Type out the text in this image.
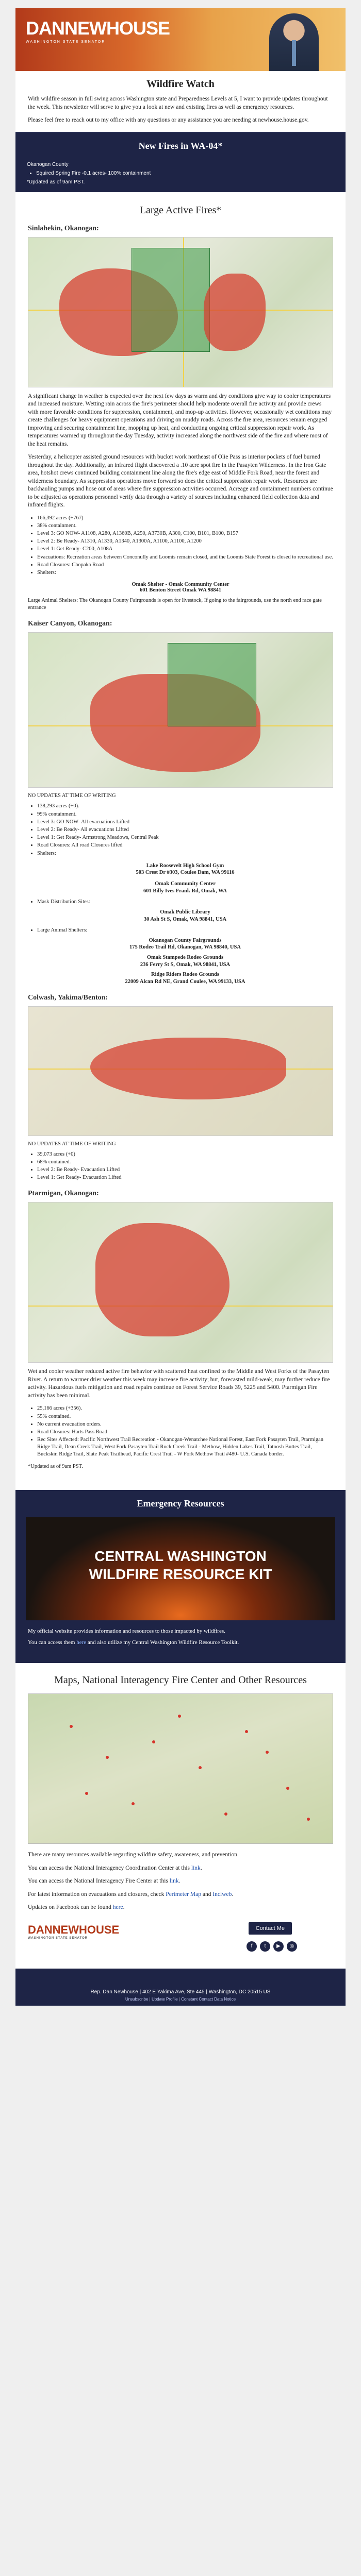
DANNEWHOUSE
WASHINGTON STATE SENATOR
Wildfire Watch

With wildfire season in full swing across Washington state and Preparedness Levels at 5, I want to provide updates throughout the week. This newsletter will serve to give you a look at new and existing fires as well as emergency resources.

Please feel free to reach out to my office with any questions or any assistance you are needing at newhouse.house.gov.

New Fires in WA-04*
Okanogan County
• Squired Spring Fire -0.1 acres- 100% containment
*Updated as of 9am PST.
Large Active Fires*
Sinlahekin, Okanogan:

A significant change in weather is expected over the next few days as warm and dry conditions give way to cooler temperatures and increased moisture. Wetting rain across the fire's perimeter should help moderate overall fire activity and provide crews with more favorable conditions for suppression, containment, and mop-up activities. However, occasionally wet conditions may create challenges for heavy equipment operations and driving on muddy roads. Across the fire area, resources remain engaged improving and securing containment line, mopping up heat, and conducting ongoing critical suppression repair work. As temperatures warmed up throughout the day Tuesday, activity increased along the northwest side of the fire and where most of the heat remains.

Yesterday, a helicopter assisted ground resources with bucket work northeast of Olie Pass as interior pockets of fuel burned throughout the day. Additionally, an infrared flight discovered a .10 acre spot fire in the Pasayten Wilderness. In the Iron Gate area, hotshot crews continued building containment line along the fire's edge east of Middle Fork Road, near the forest and wilderness boundary. As suppression operations move forward so does the critical suppression repair work. Resources are backhauling pumps and hose out of areas where fire suppression activities occurred. Acreage and containment numbers continue to be adjusted as operations personnel verify data through a variety of sources including enhanced field collection data and infrared flights.

• 166,392 acres (+767)
• 38% containment.
• Level 3: GO NOW- A1108, A280, A1360B, A250, A3730B, A300, C100, B101, B100, B157
• Level 2: Be Ready- A1310, A1330, A1340, A1300A, A1100, A1100, A1200
• Level 1: Get Ready- C200, A108A
• Evacuations: Recreation areas between Conconully and Loomis remain closed, and the Loomis State Forest is closed to recreational use.
• Road Closures: Chopaka Road
• Shelters:
Omak Shelter - Omak Community Center
601 Benton Street Omak WA 98841

Large Animal Shelters: The Okanogan County Fairgrounds is open for livestock, If going to the fairgrounds, use the north end race gate entrance

Kaiser Canyon, Okanogan:
NO UPDATES AT TIME OF WRITING
• 138,293 acres (+0).
• 99% containment.
• Level 3: GO NOW- All evacuations Lifted
• Level 2: Be Ready- All evacuations Lifted
• Level 1: Get Ready- Armstrong Meadows, Central Peak
• Road Closures: All road Closures lifted
• Shelters:
Lake Roosevelt High School Gym
503 Crest Dr #303, Coulee Dam, WA 99116
Omak Community Center
601 Billy Ives Frank Rd, Omak, WA
• Mask Distribution Sites:
Omak Public Library
30 Ash St S, Omak, WA 98841, USA
• Large Animal Shelters:
Okanogan County Fairgrounds
175 Rodeo Trail Rd, Okanogan, WA 98840, USA
Omak Stampede Rodeo Grounds
236 Ferry St S, Omak, WA 98841, USA
Ridge Riders Rodeo Grounds
22009 Alcan Rd NE, Grand Coulee, WA 99133, USA
Colwash, Yakima/Benton:
NO UPDATES AT TIME OF WRITING
• 39,073 acres (+0)
• 68% contained.
• Level 2: Be Ready- Evacuation Lifted
• Level 1: Get Ready- Evacuation Lifted
Ptarmigan, Okanogan:

Wet and cooler weather reduced active fire behavior with scattered heat confined to the Middle and West Forks of the Pasayten River. A return to warmer drier weather this week may increase fire activity; but, forecasted mild-weak, may further reduce fire activity. Hazardous fuels mitigation and road repairs continue on Forest Service Roads 39, 5225 and 5400. Ptarmigan Fire activity has been minimal.

• 25,166 acres (+356).
• 55% contained.
• No current evacuation orders.
• Road Closures: Harts Pass Road
• Rec Sites Affected: Pacific Northwest Trail Recreation - Okanogan-Wenatchee National Forest, East Fork Pasayten Trail, Ptarmigan Ridge Trail, Dean Creek Trail, West Fork Pasayten Trail Rock Creek Trail - Methow, Hidden Lakes Trail, Tatoosh Buttes Trail, Buckskin Ridge Trail, Slate Peak Trailhead, Pacific Crest Trail - W Fork Methow Trail #480- U.S. Canada border.
*Updated as of 9am PST.
Emergency Resources
CENTRAL WASHINGTON
WILDFIRE RESOURCE KIT

My official website provides information and resources to those impacted by wildfires.

You can access them here and also utilize my Central Washington Wildfire Resource Toolkit.

Maps, National Interagency Fire Center and Other Resources

There are many resources available regarding wildfire safety, awareness, and prevention.

You can access the National Interagency Coordination Center at this link.

You can access the National Interagency Fire Center at this link.

For latest information on evacuations and closures, check Perimeter Map and Inciweb.

Updates on Facebook can be found here.

DANNEWHOUSE
WASHINGTON STATE SENATOR
Contact Me
f t ▶ ◎
Rep. Dan Newhouse | 402 E Yakima Ave, Ste 445 | Washington, DC 20515 US
Unsubscribe | Update Profile | Constant Contact Data Notice
